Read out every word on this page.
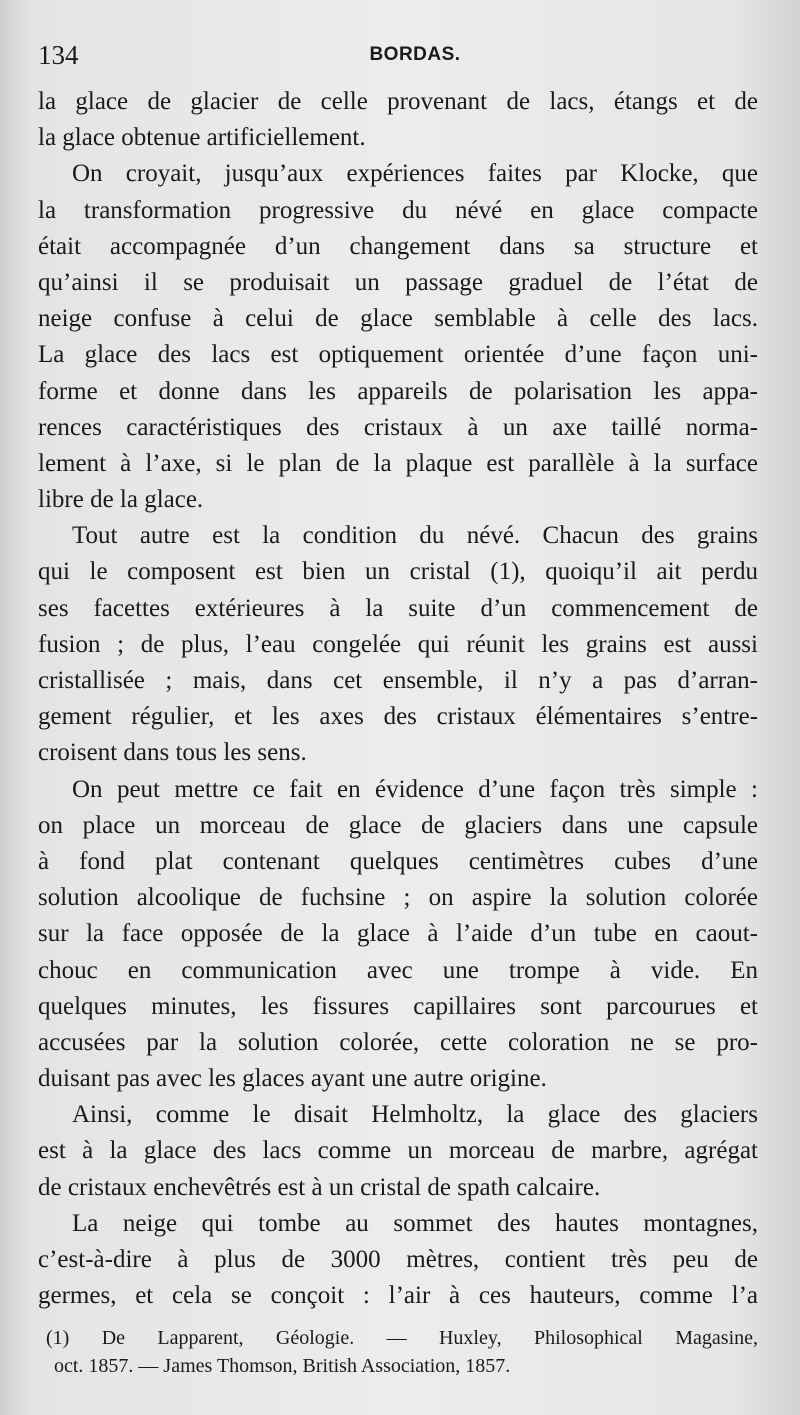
134	BORDAS.
la glace de glacier de celle provenant de lacs, étangs et de
la glace obtenue artificiellement.
On croyait, jusqu’aux expériences faites par Klocke, que
la transformation progressive du névé en glace compacte
était accompagnée d’un changement dans sa structure et
qu’ainsi il se produisait un passage graduel de l’état de
neige confuse à celui de glace semblable à celle des lacs.
La glace des lacs est optiquement orientée d’une façon uni-
forme et donne dans les appareils de polarisation les appa-
rences caractéristiques des cristaux à un axe taillé norma-
lement à l’axe, si le plan de la plaque est parallèle à la surface
libre de la glace.
Tout autre est la condition du névé. Chacun des grains
qui le composent est bien un cristal (1), quoiqu’il ait perdu
ses facettes extérieures à la suite d’un commencement de
fusion ; de plus, l’eau congelée qui réunit les grains est aussi
cristallisée ; mais, dans cet ensemble, il n’y a pas d’arran-
gement régulier, et les axes des cristaux élémentaires s’entre-
croisent dans tous les sens.
On peut mettre ce fait en évidence d’une façon très simple :
on place un morceau de glace de glaciers dans une capsule
à fond plat contenant quelques centimètres cubes d’une
solution alcoolique de fuchsine ; on aspire la solution colorée
sur la face opposée de la glace à l’aide d’un tube en caout-
chouc en communication avec une trompe à vide. En
quelques minutes, les fissures capillaires sont parcourues et
accusées par la solution colorée, cette coloration ne se pro-
duisant pas avec les glaces ayant une autre origine.
Ainsi, comme le disait Helmholtz, la glace des glaciers
est à la glace des lacs comme un morceau de marbre, agrégat
de cristaux enchevêtrés est à un cristal de spath calcaire.
La neige qui tombe au sommet des hautes montagnes,
c’est-à-dire à plus de 3000 mètres, contient très peu de
germes, et cela se conçoit : l’air à ces hauteurs, comme l’a
(1) De Lapparent, Géologie. — Huxley, Philosophical Magasine,
oct. 1857. — James Thomson, British Association, 1857.
